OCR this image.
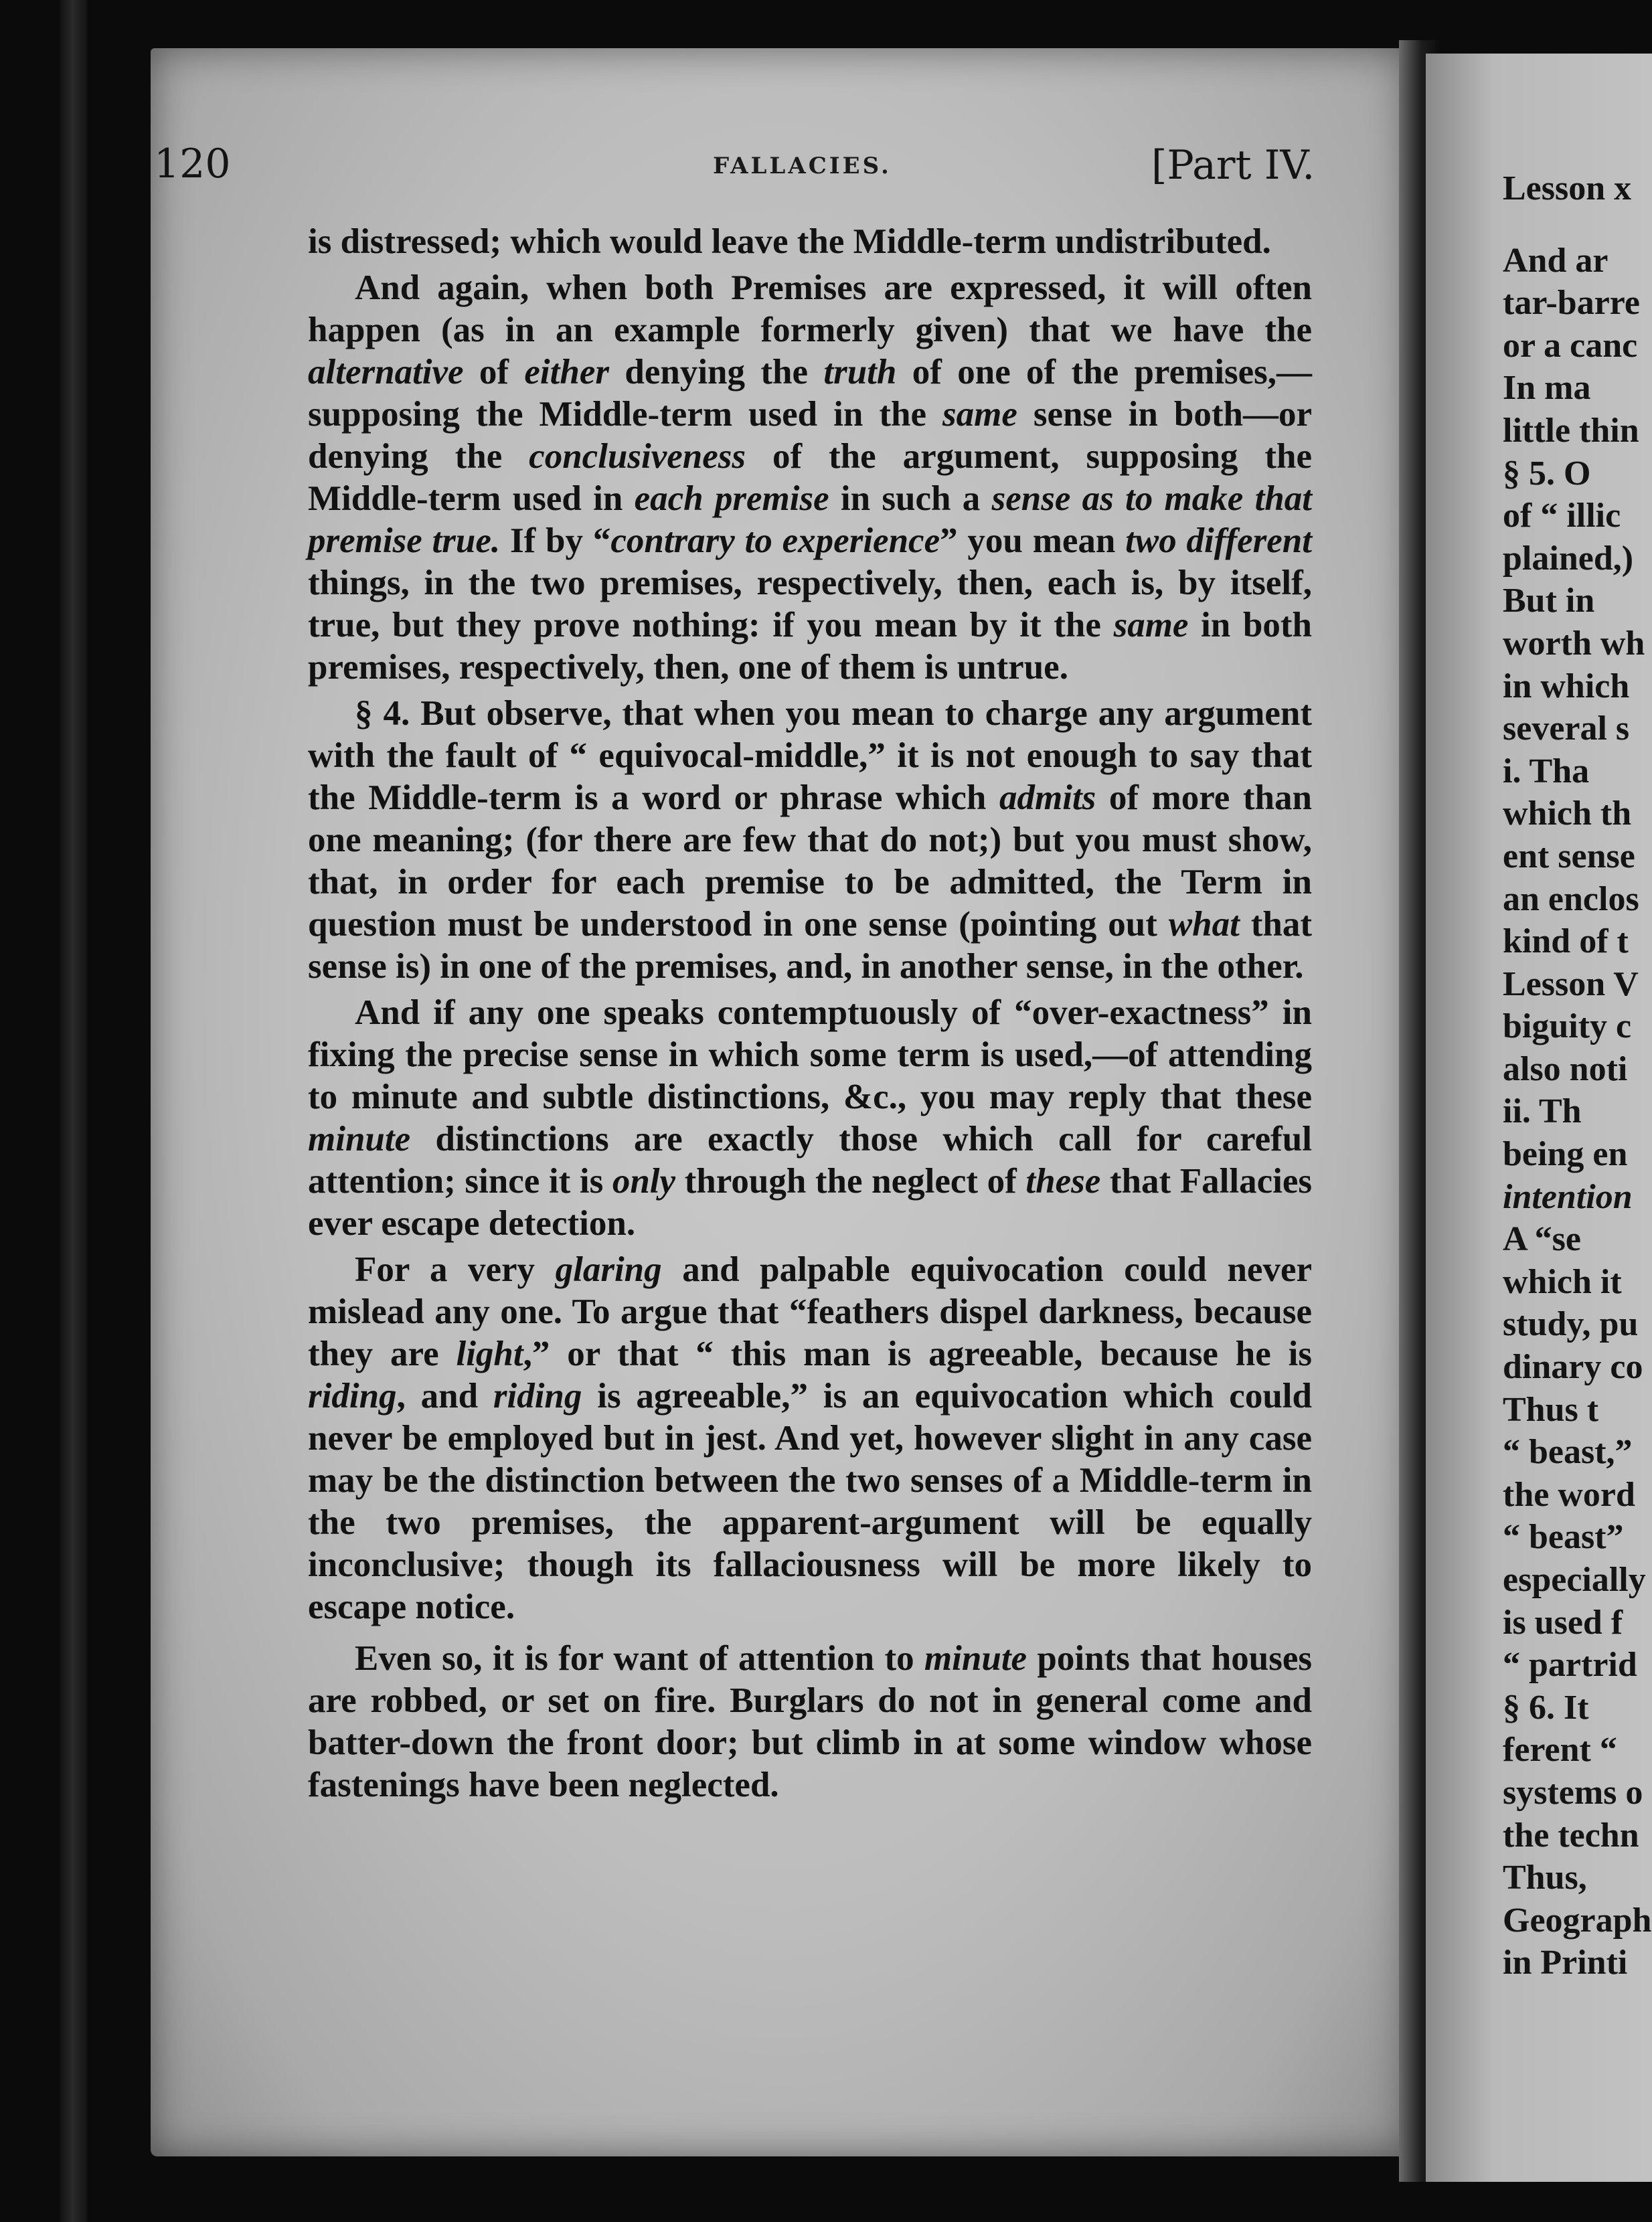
120	FALLACIES.	[Part IV.

is distressed; which would leave the Middle-term undistributed.

And again, when both Premises are expressed, it will often happen (as in an example formerly given) that we have the alternative of either denying the truth of one of the premises,—supposing the Middle-term used in the same sense in both—or denying the conclusiveness of the argument, supposing the Middle-term used in each premise in such a sense as to make that premise true. If by “contrary to experience” you mean two different things, in the two premises, respectively, then, each is, by itself, true, but they prove nothing: if you mean by it the same in both premises, respectively, then, one of them is untrue.

§ 4. But observe, that when you mean to charge any argument with the fault of “ equivocal-middle,” it is not enough to say that the Middle-term is a word or phrase which admits of more than one meaning; (for there are few that do not;) but you must show, that, in order for each premise to be admitted, the Term in question must be understood in one sense (pointing out what that sense is) in one of the premises, and, in another sense, in the other.

And if any one speaks contemptuously of “over-exactness” in fixing the precise sense in which some term is used,—of attending to minute and subtle distinctions, &c., you may reply that these minute distinctions are exactly those which call for careful attention; since it is only through the neglect of these that Fallacies ever escape detection.

For a very glaring and palpable equivocation could never mislead any one. To argue that “feathers dispel darkness, because they are light,” or that “ this man is agreeable, because he is riding, and riding is agreeable,” is an equivocation which could never be employed but in jest. And yet, however slight in any case may be the distinction between the two senses of a Middle-term in the two premises, the apparent-argument will be equally inconclusive; though its fallaciousness will be more likely to escape notice.

Even so, it is for want of attention to minute points that houses are robbed, or set on fire. Burglars do not in general come and batter-down the front door; but climb in at some window whose fastenings have been neglected.

Lesson x
And ar
tar-barre
or a canc
In ma
little thin
§ 5. O
of “ illic
plained,)
But in
worth wh
in which
several s
i. Tha
which th
ent sense
an enclos
kind of t
Lesson V
biguity c
also noti
ii. Th
being en
intention
A “se
which it
study, pu
dinary co
Thus t
“ beast,”
the word
“ beast”
especially
is used f
“ partrid
§ 6. It
ferent “
systems o
the techn
Thus,
Geograph
in Printi
